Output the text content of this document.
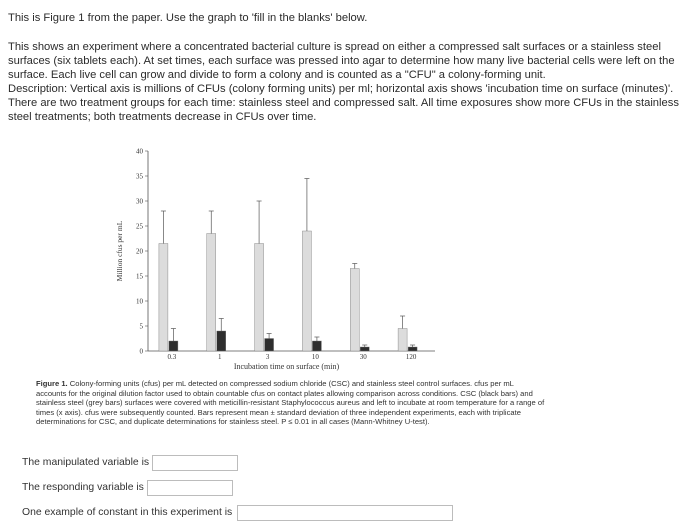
This is Figure 1 from the paper. Use the graph to 'fill in the blanks' below.

This shows an experiment where a concentrated bacterial culture is spread on either a compressed salt surfaces or a stainless steel surfaces (six tablets each). At set times, each surface was pressed into agar to determine how many live bacterial cells were left on the surface. Each live cell can grow and divide to form a colony and is counted as a "CFU" a colony-forming unit.

Description: Vertical axis is millions of CFUs (colony forming units) per ml; horizontal axis shows 'incubation time on surface (minutes)'. There are two treatment groups for each time: stainless steel and compressed salt. All time exposures show more CFUs in the stainless steel treatments; both treatments decrease in CFUs over time.

0
5
10
15
20
25
30
35
40
0.3	1	3	10	30	120
Million cfus per mL
Incubation time on surface (min)

Figure 1. Colony-forming units (cfus) per mL detected on compressed sodium chloride (CSC) and stainless steel control surfaces. cfus per mL accounts for the original dilution factor used to obtain countable cfus on contact plates allowing comparison across conditions. CSC (black bars) and stainless steel (grey bars) surfaces were covered with meticillin-resistant Staphylococcus aureus and left to incubate at room temperature for a range of times (x axis). cfus were subsequently counted. Bars represent mean ± standard deviation of three independent experiments, each with triplicate determinations for CSC, and duplicate determinations for stainless steel. P ≤ 0.01 in all cases (Mann-Whitney U-test).

The manipulated variable is
The responding variable is
One example of constant in this experiment is
